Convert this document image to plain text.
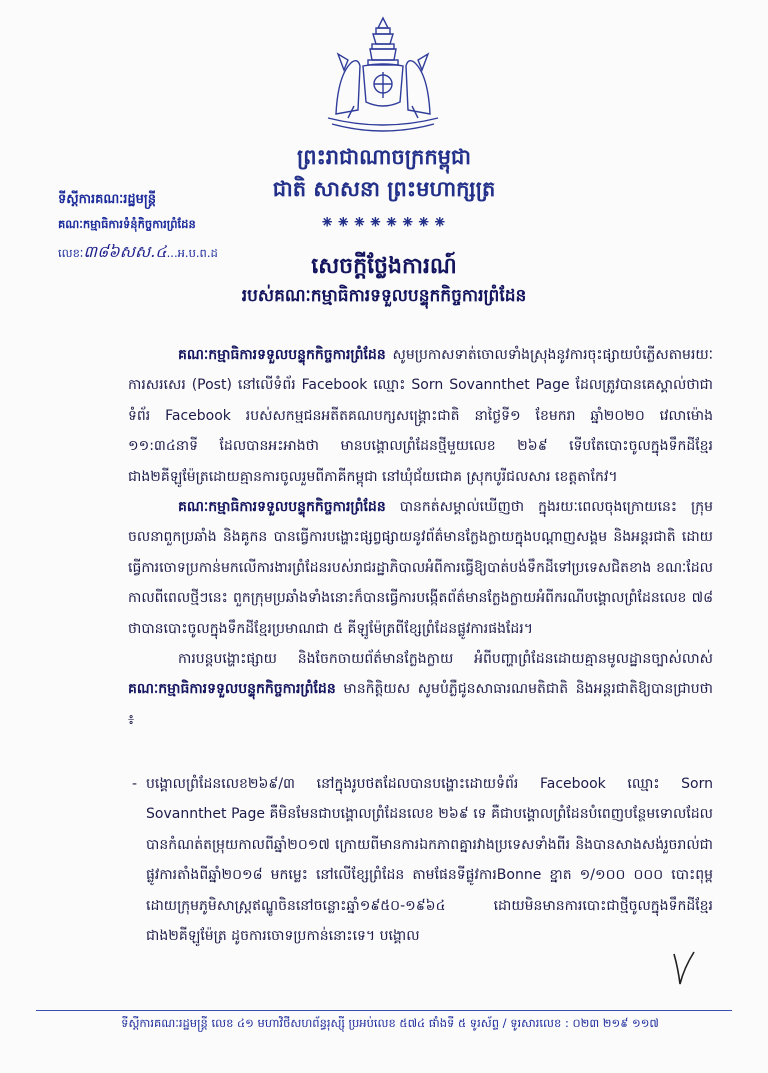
ព្រះរាជាណាចក្រកម្ពុជា
ជាតិ សាសនា ព្រះមហាក្សត្រ
⁕⁕⁕⁕⁕⁕⁕⁕
ទីស្តីការគណៈរដ្ឋមន្ត្រី
គណៈកម្មាធិការទំនុំកិច្ចការព្រំដែន
លេខៈ៣៨៦សស.៤...អ.ប.ព.ដ
សេចក្តីថ្លែងការណ៍
របស់គណៈកម្មាធិការទទួលបន្ទុកកិច្ចការព្រំដែន

គណៈកម្មាធិការទទួលបន្ទុកកិច្ចការព្រំដែន សូមប្រកាសទាត់ចោលទាំងស្រុងនូវការចុះផ្សាយបំភ្លើសតាមរយៈការសរសេរ (Post) នៅលើទំព័រ Facebook ឈ្មោះ Sorn Sovannthet Page ដែលត្រូវបានគេស្គាល់ថាជាទំព័រ Facebook របស់សកម្មជនអតីតគណបក្សសង្គ្រោះជាតិ នាថ្ងៃទី១ ខែមករា ឆ្នាំ២០២០ វេលាម៉ោង ១១:៣៤នាទី ដែលបានអះអាងថា មានបង្គោលព្រំដែនថ្មីមួយលេខ ២៦៩ ទើបតែបោះចូលក្នុងទឹកដីខ្មែរជាង២គីឡូម៉ែត្រដោយគ្មានការចូលរួមពីភាគីកម្ពុជា នៅឃុំជ័យជោគ ស្រុកបូរីជលសារ ខេត្តតាកែវ។

គណៈកម្មាធិការទទួលបន្ទុកកិច្ចការព្រំដែន បានកត់សម្គាល់ឃើញថា ក្នុងរយៈពេលចុងក្រោយនេះ ក្រុមចលនាពួកប្រឆាំង និងគូកន បានធ្វើការបង្ហោះផ្សព្វផ្សាយនូវព័ត៌មានក្លែងក្លាយក្នុងបណ្តាញសង្គម និងអន្តរជាតិ ដោយធ្វើការចោទប្រកាន់មកលើការងារព្រំដែនរបស់រាជរដ្ឋាភិបាលអំពីការធ្វើឱ្យបាត់បង់ទឹកដីទៅប្រទេសជិតខាង ខណៈដែលកាលពីពេលថ្មីៗនេះ ពួកក្រុមប្រឆាំងទាំងនោះក៏បានធ្វើការបង្កើតព័ត៌មានក្លែងក្លាយអំពីករណីបង្គោលព្រំដែនលេខ ៧៨ ថាបានបោះចូលក្នុងទឹកដីខ្មែរប្រមាណជា ៥ គីឡូម៉ែត្រពីខ្សែព្រំដែនផ្លូវការផងដែរ។

ការបន្តបង្ហោះផ្សាយ និងចែកចាយព័ត៌មានក្លែងក្លាយ អំពីបញ្ហាព្រំដែនដោយគ្មានមូលដ្ឋានច្បាស់លាស់ គណៈកម្មាធិការទទួលបន្ទុកកិច្ចការព្រំដែន មានកិត្តិយស សូមបំភ្លឺជូនសាធារណមតិជាតិ និងអន្តរជាតិឱ្យបានជ្រាបថា ៖

- បង្គោលព្រំដែនលេខ២៦៩/៣ នៅក្នុងរូបថតដែលបានបង្ហោះដោយទំព័រ Facebook ឈ្មោះ Sorn Sovannthet Page គឺមិនមែនជាបង្គោលព្រំដែនលេខ ២៦៩ ទេ គឺជាបង្គោលព្រំដែនបំពេញបន្ថែមទោលដែលបានកំណត់តម្រុយកាលពីឆ្នាំ២០១៧ ក្រោយពីមានការឯកភាពគ្នារវាងប្រទេសទាំងពីរ និងបានសាងសង់រួចរាល់ជាផ្លូវការតាំងពីឆ្នាំ២០១៨ មកម្លេះ នៅលើខ្សែព្រំដែន តាមផែនទីផ្លូវការBonne ខ្នាត ១/១០០ ០០០ បោះពុម្ពដោយក្រុមភូមិសាស្ត្រឥណ្ឌូចិននៅចន្លោះឆ្នាំ១៩៥០-១៩៦៤ ដោយមិនមានការបោះជាថ្មីចូលក្នុងទឹកដីខ្មែរជាង២គីឡូម៉ែត្រ ដូចការចោទប្រកាន់នោះទេ។ បង្គោល
ទីស្តីការគណៈរដ្ឋមន្ត្រី លេខ ៤១ មហាវិថីសហព័ន្ធរុស្ស៊ី ​ប្រអប់លេខ ៥៧៤ ​ផាំងទី ៥ ទូរស័ព្ទ / ទូរសារលេខ : ០២៣ ២១៩ ១១៧
